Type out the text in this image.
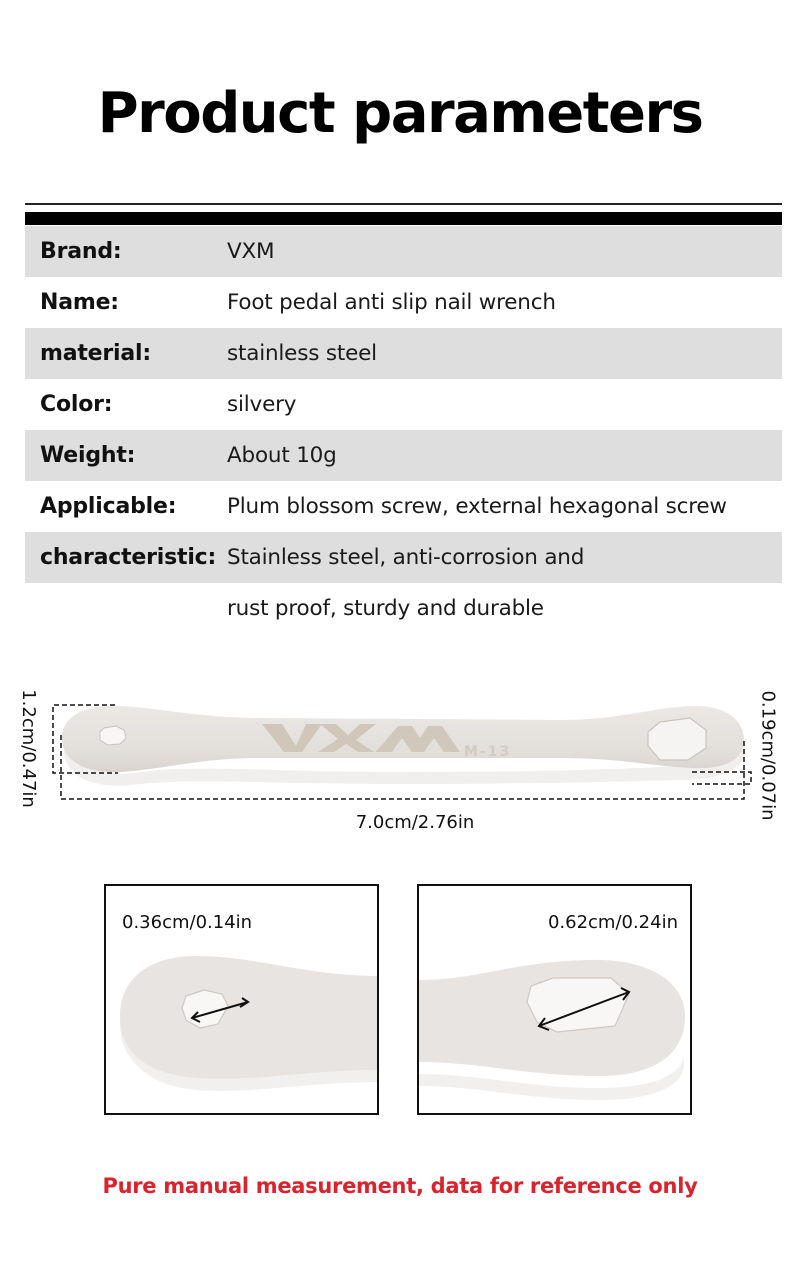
Product parameters
Brand:	VXM
Name:	Foot pedal anti slip nail wrench
material:	stainless steel
Color:	silvery
Weight:	About 10g
Applicable:	Plum blossom screw, external hexagonal screw
characteristic: Stainless steel, anti-corrosion and
rust proof, sturdy and durable
M-13
1.2cm/0.47in	0.19cm/0.07in
7.0cm/2.76in
0.36cm/0.14in	0.62cm/0.24in
Pure manual measurement, data for reference only
